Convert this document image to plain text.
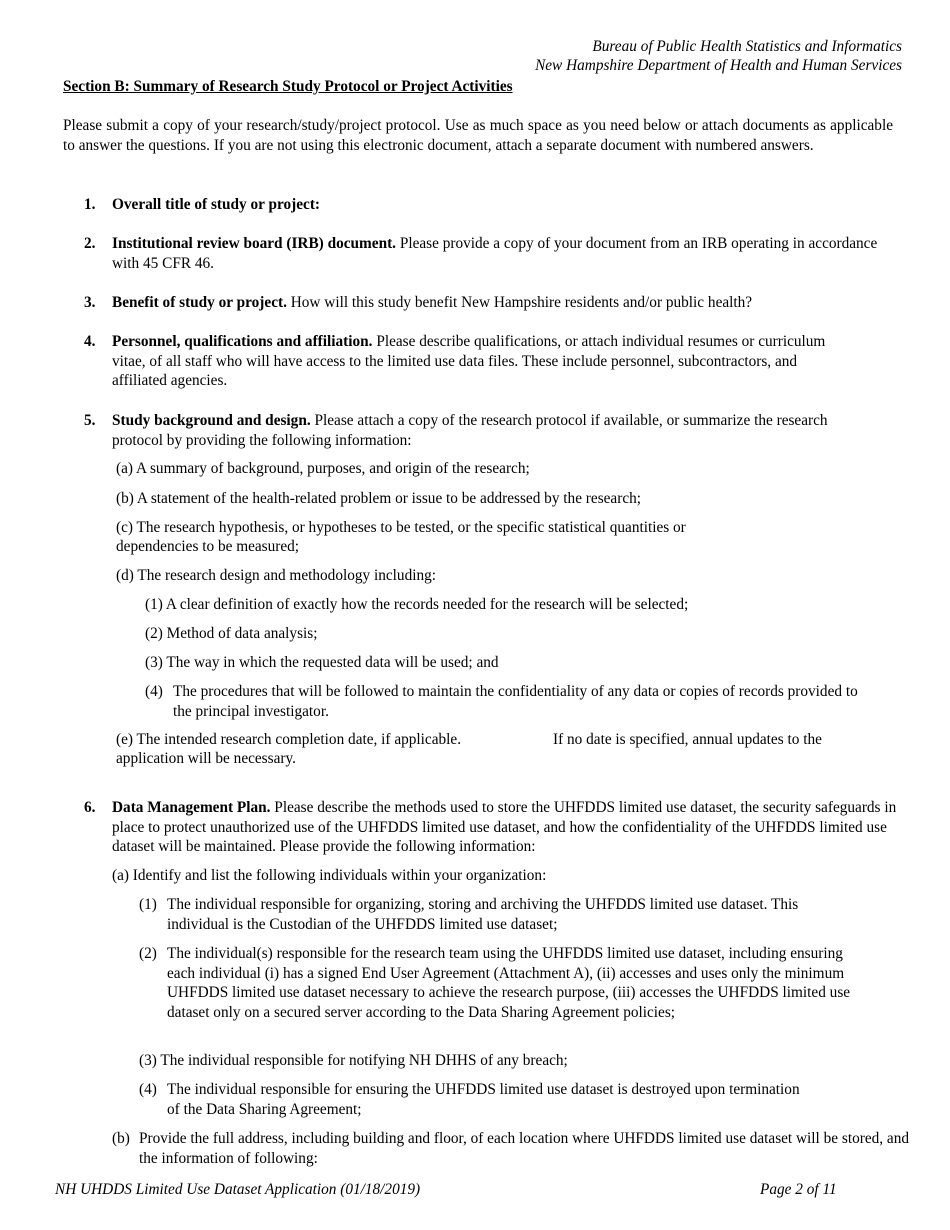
Bureau of Public Health Statistics and Informatics
New Hampshire Department of Health and Human Services
Section B: Summary of Research Study Protocol or Project Activities
Please submit a copy of your research/study/project protocol. Use as much space as you need below or attach documents as applicable to answer the questions. If you are not using this electronic document, attach a separate document with numbered answers.
1. Overall title of study or project:
2. Institutional review board (IRB) document. Please provide a copy of your document from an IRB operating in accordance with 45 CFR 46.
3. Benefit of study or project. How will this study benefit New Hampshire residents and/or public health?
4. Personnel, qualifications and affiliation. Please describe qualifications, or attach individual resumes or curriculum vitae, of all staff who will have access to the limited use data files. These include personnel, subcontractors, and affiliated agencies.
5. Study background and design. Please attach a copy of the research protocol if available, or summarize the research protocol by providing the following information:
(a) A summary of background, purposes, and origin of the research;
(b) A statement of the health-related problem or issue to be addressed by the research;
(c) The research hypothesis, or hypotheses to be tested, or the specific statistical quantities or
dependencies to be measured;
(d) The research design and methodology including:
(1) A clear definition of exactly how the records needed for the research will be selected;
(2) Method of data analysis;
(3) The way in which the requested data will be used; and
(4) The procedures that will be followed to maintain the confidentiality of any data or copies of records provided to the principal investigator.
(e) The intended research completion date, if applicable.	If no date is specified, annual updates to the
application will be necessary.
6. Data Management Plan. Please describe the methods used to store the UHFDDS limited use dataset, the security safeguards in place to protect unauthorized use of the UHFDDS limited use dataset, and how the confidentiality of the UHFDDS limited use dataset will be maintained. Please provide the following information:
(a) Identify and list the following individuals within your organization:
(1) The individual responsible for organizing, storing and archiving the UHFDDS limited use dataset. This individual is the Custodian of the UHFDDS limited use dataset;
(2) The individual(s) responsible for the research team using the UHFDDS limited use dataset, including ensuring each individual (i) has a signed End User Agreement (Attachment A), (ii) accesses and uses only the minimum UHFDDS limited use dataset necessary to achieve the research purpose, (iii) accesses the UHFDDS limited use dataset only on a secured server according to the Data Sharing Agreement policies;
(3) The individual responsible for notifying NH DHHS of any breach;
(4) The individual responsible for ensuring the UHFDDS limited use dataset is destroyed upon termination of the Data Sharing Agreement;
(b) Provide the full address, including building and floor, of each location where UHFDDS limited use dataset will be stored, and the information of following:
NH UHDDS Limited Use Dataset Application (01/18/2019)	Page 2 of 11
